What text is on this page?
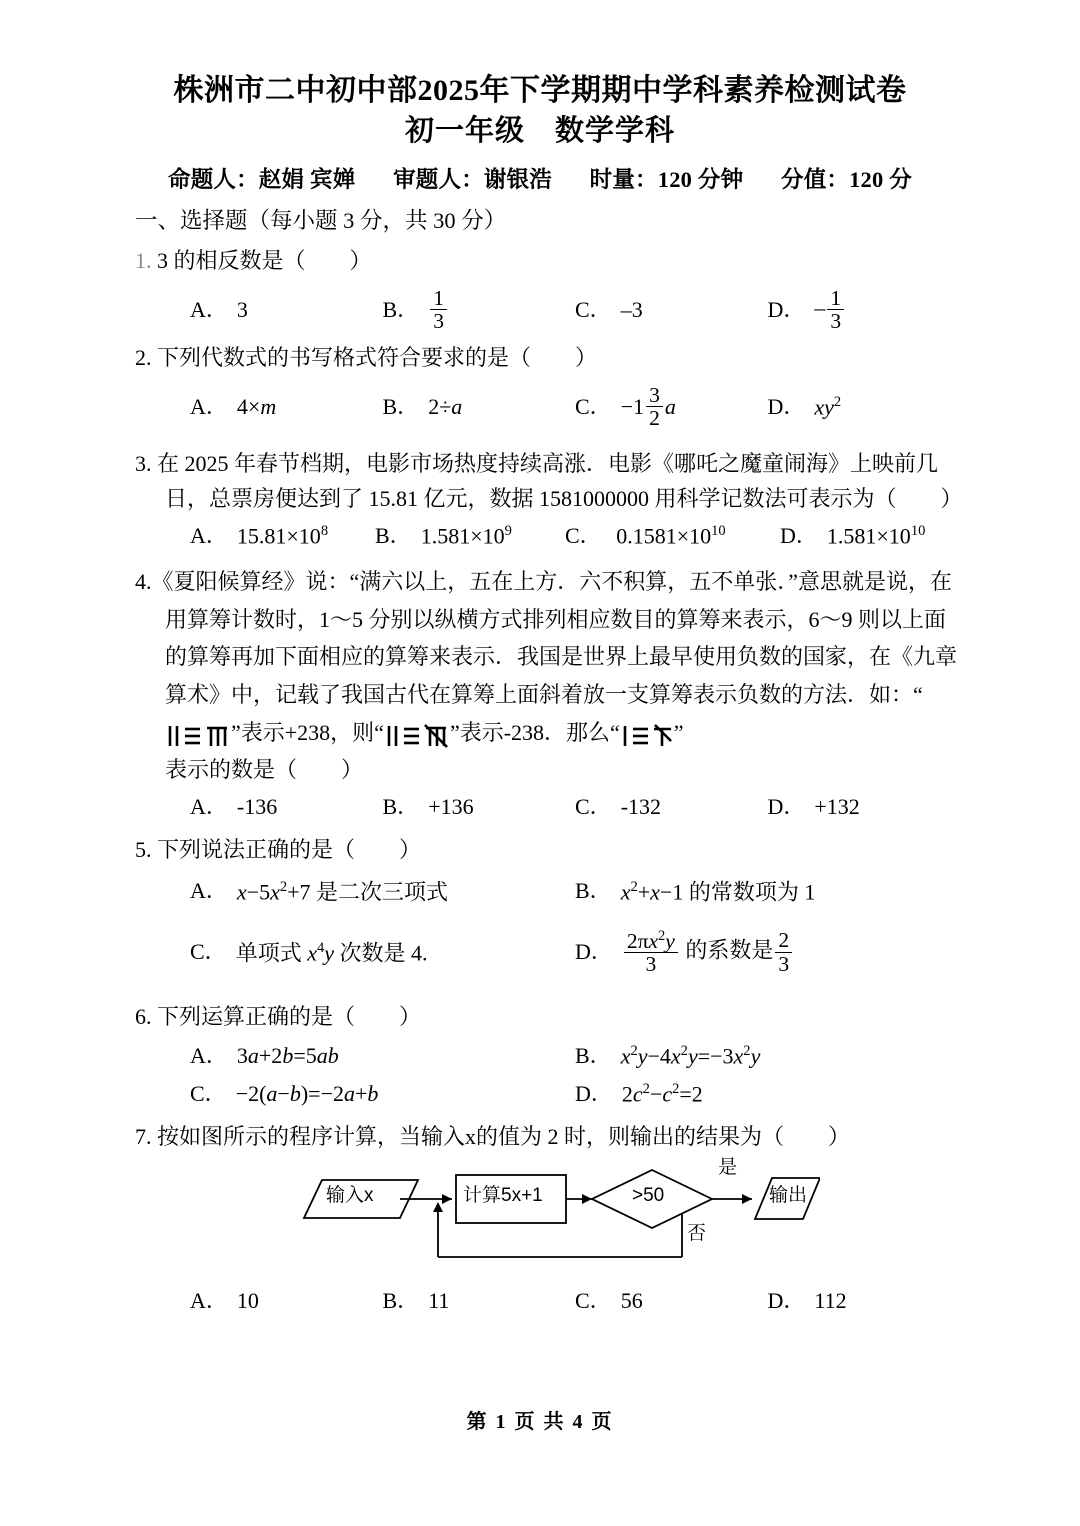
株洲市二中初中部2025年下学期期中学科素养检测试卷
初一年级　数学学科
命题人：赵娟 宾婵 审题人：谢银浩 时量：120 分钟 分值：120 分
一、选择题（每小题 3 分，共 30 分）
1. 3 的相反数是（　　）
A． 3	B． $\frac{1}{3}$	C． –3	D． – $\frac{1}{3}$
2. 下列代数式的书写格式符合要求的是（　　）
A． 4×m	B． 2÷a	C． $-1 \frac{3}{2}$ a	D． $xy^2$
3. 在 2025 年春节档期，电影市场热度持续高涨．电影《哪吒之魔童闹海》上映前几日，总票房便达到了 15.81 亿元，数据 1581000000 用科学记数法可表示为（　　）
A． $15.81\times 10^8$ B． $1.581\times 10^9$ C． $0.1581\times 10^{10}$ D． $1.581\times 10^{10}$
4.《夏阳候算经》说：“满六以上，五在上方．六不积算，五不单张．”意思就是说，在用算筹计数时，1～5 分别以纵横方式排列相应数目的算筹来表示，6～9 则以上面的算筹再加下面相应的算筹来表示．我国是世界上最早使用负数的国家，在《九章算术》中，记载了我国古代在算筹上面斜着放一支算筹表示负数的方法．如：“”表示+238，则“	”表示‐238．那么“ ”
表示的数是（　　）
A． ‐136	B． +136	C． ‐132	D． +132
5. 下列说法正确的是（　　）
A． $x-5x^2+7$ 是二次三项式	B． $x^2+x-1$ 的常数项为 1
C． 单项式 $x^4y$ 次数是 4.	D． $\frac{2\pi x^2y}{3}$ 的系数是 $\frac{2}{3}$
6. 下列运算正确的是（　　）
A． 3a+2b=5ab	B． $x^2y-4x^2y=-3x^2y$
C． −2(a−b)=−2a+b	D． $2c^2-c^2=2$
7. 按如图所示的程序计算，当输入x的值为 2 时，则输出的结果为（　　）
输入x	计算5x+1	>50	输出
是
否
A． 10	B． 11	C． 56	D． 112
第 1 页 共 4 页
